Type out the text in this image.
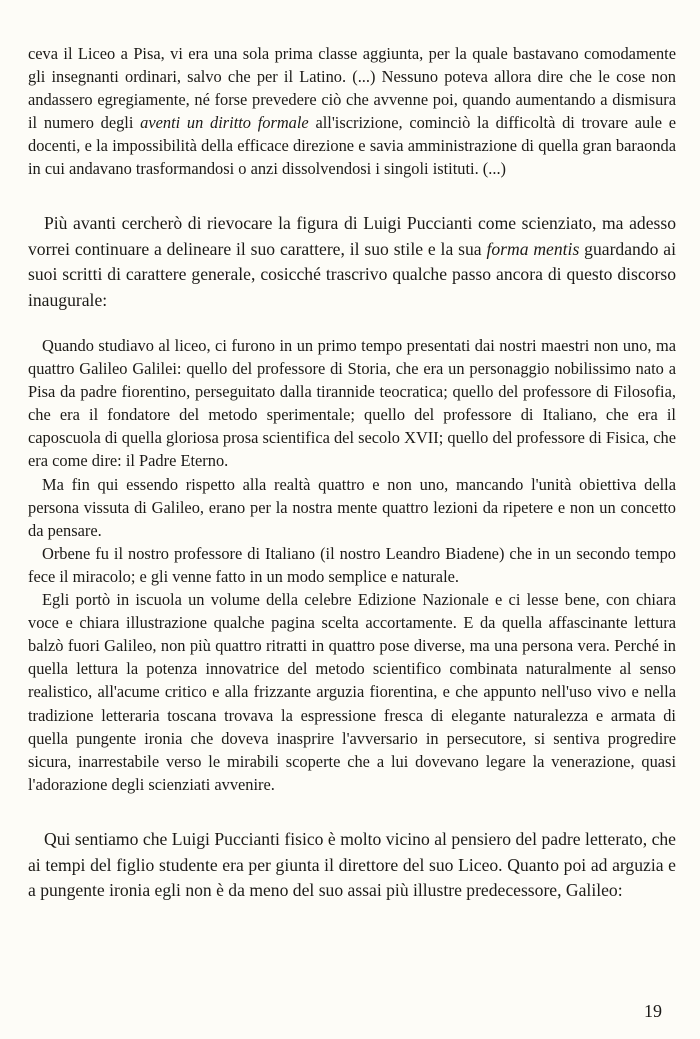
ceva il Liceo a Pisa, vi era una sola prima classe aggiunta, per la quale bastavano comodamente gli insegnanti ordinari, salvo che per il Latino. (...) Nessuno poteva allora dire che le cose non andassero egregiamente, né forse prevedere ciò che avvenne poi, quando aumentando a dismisura il numero degli aventi un diritto formale all'iscrizione, cominciò la difficoltà di trovare aule e docenti, e la impossibilità della efficace direzione e savia amministrazione di quella gran baraonda in cui andavano trasformandosi o anzi dissolvendosi i singoli istituti. (...)

Più avanti cercherò di rievocare la figura di Luigi Puccianti come scienziato, ma adesso vorrei continuare a delineare il suo carattere, il suo stile e la sua forma mentis guardando ai suoi scritti di carattere generale, cosicché trascrivo qualche passo ancora di questo discorso inaugurale:

Quando studiavo al liceo, ci furono in un primo tempo presentati dai nostri maestri non uno, ma quattro Galileo Galilei: quello del professore di Storia, che era un personaggio nobilissimo nato a Pisa da padre fiorentino, perseguitato dalla tirannide teocratica; quello del professore di Filosofia, che era il fondatore del metodo sperimentale; quello del professore di Italiano, che era il caposcuola di quella gloriosa prosa scientifica del secolo XVII; quello del professore di Fisica, che era come dire: il Padre Eterno.

Ma fin qui essendo rispetto alla realtà quattro e non uno, mancando l'unità obiettiva della persona vissuta di Galileo, erano per la nostra mente quattro lezioni da ripetere e non un concetto da pensare.

Orbene fu il nostro professore di Italiano (il nostro Leandro Biadene) che in un secondo tempo fece il miracolo; e gli venne fatto in un modo semplice e naturale.

Egli portò in iscuola un volume della celebre Edizione Nazionale e ci lesse bene, con chiara voce e chiara illustrazione qualche pagina scelta accortamente. E da quella affascinante lettura balzò fuori Galileo, non più quattro ritratti in quattro pose diverse, ma una persona vera. Perché in quella lettura la potenza innovatrice del metodo scientifico combinata naturalmente al senso realistico, all'acume critico e alla frizzante arguzia fiorentina, e che appunto nell'uso vivo e nella tradizione letteraria toscana trovava la espressione fresca di elegante naturalezza e armata di quella pungente ironia che doveva inasprire l'avversario in persecutore, si sentiva progredire sicura, inarrestabile verso le mirabili scoperte che a lui dovevano legare la venerazione, quasi l'adorazione degli scienziati avvenire.

Qui sentiamo che Luigi Puccianti fisico è molto vicino al pensiero del padre letterato, che ai tempi del figlio studente era per giunta il direttore del suo Liceo. Quanto poi ad arguzia e a pungente ironia egli non è da meno del suo assai più illustre predecessore, Galileo:

19
